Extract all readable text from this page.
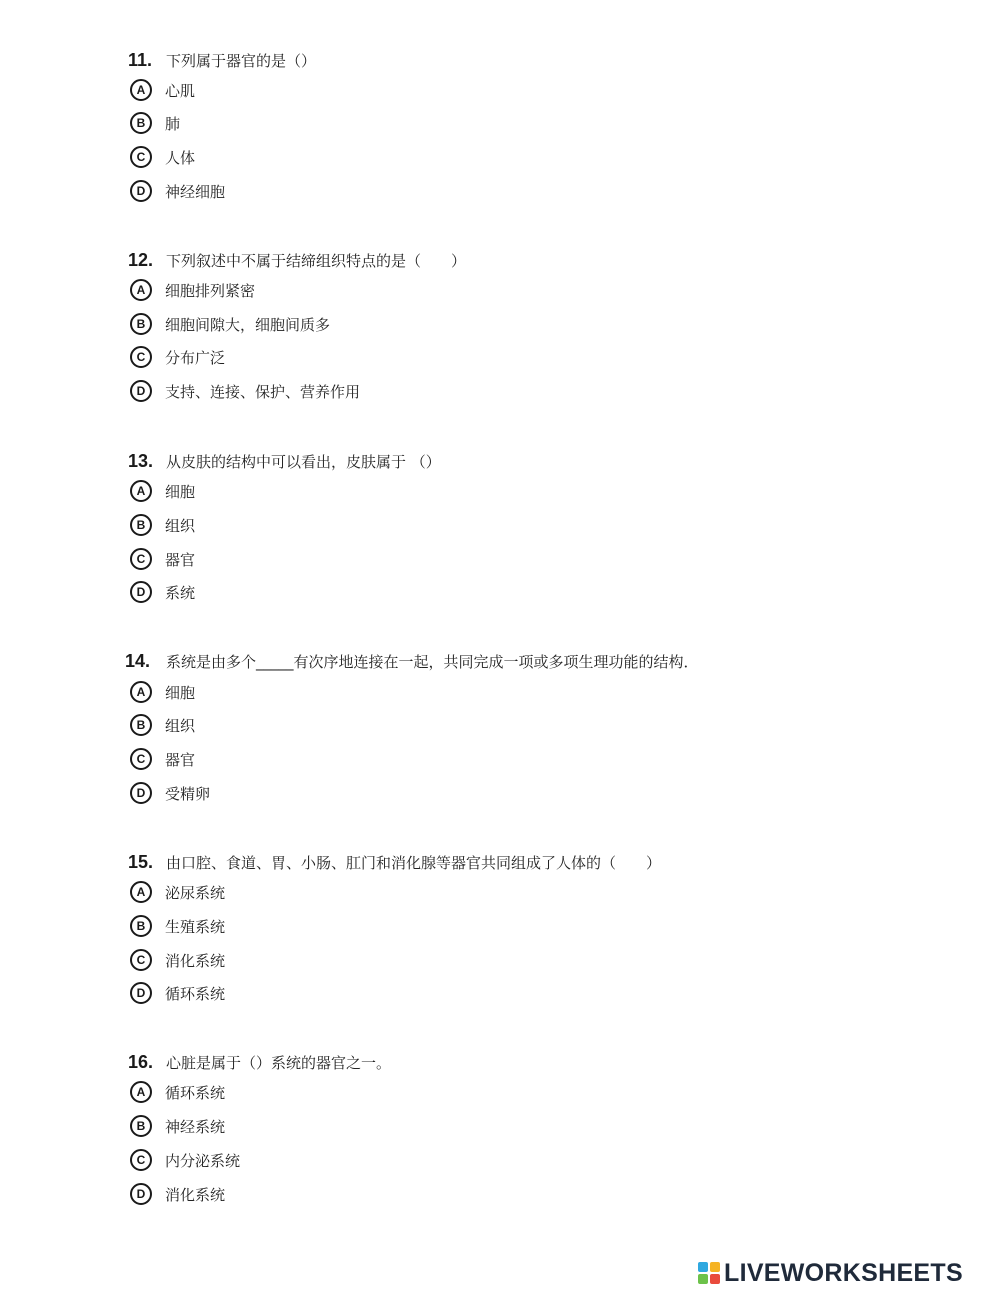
11. 下列属于器官的是（）
A	心肌
B	肺
C	人体
D	神经细胞
12. 下列叙述中不属于结缔组织特点的是（　　）
A	细胞排列紧密
B	细胞间隙大，细胞间质多
C	分布广泛
D	支持、连接、保护、营养作用
13. 从皮肤的结构中可以看出，皮肤属于 （）
A	细胞
B	组织
C	器官
D	系统
14.	系统是由多个_____有次序地连接在一起，共同完成一项或多项生理功能的结构．
A	细胞
B	组织
C	器官
D	受精卵
15. 由口腔、食道、胃、小肠、肛门和消化腺等器官共同组成了人体的（　　）
A	泌尿系统
B	生殖系统
C	消化系统
D	循环系统
16. 心脏是属于（）系统的器官之一。
A	循环系统
B	神经系统
C	内分泌系统
D	消化系统
LIVEWORKSHEETS
